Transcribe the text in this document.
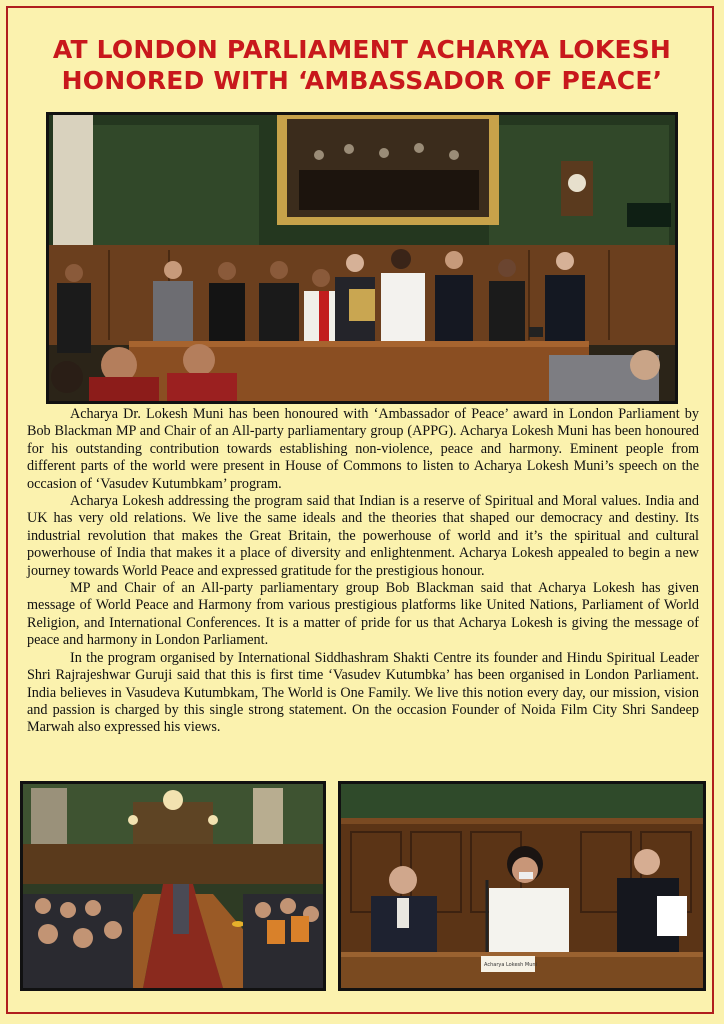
AT LONDON PARLIAMENT ACHARYA LOKESH
HONORED WITH ‘AMBASSADOR OF PEACE’

Acharya Dr. Lokesh Muni has been honoured with ‘Ambassador of Peace’ award in London Parliament by Bob Blackman MP and Chair of an All-party parliamentary group (APPG). Acharya Lokesh Muni has been honoured for his outstanding contribution towards establishing non-violence, peace and harmony. Eminent people from different parts of the world were present in House of Commons to listen to Acharya Lokesh Muni’s speech on the occasion of ‘Vasudev Kutumbkam’ program.

Acharya Lokesh addressing the program said that Indian is a reserve of Spiritual and Moral values. India and UK has very old relations. We live the same ideals and the theories that shaped our democracy and destiny. Its industrial revolution that makes the Great Britain, the powerhouse of world and it’s the spiritual and cultural powerhouse of India that makes it a place of diversity and enlightenment. Acharya Lokesh appealed to begin a new journey towards World Peace and expressed gratitude for the prestigious honour.

MP and Chair of an All-party parliamentary group Bob Blackman said that Acharya Lokesh has given message of World Peace and Harmony from various prestigious platforms like United Nations, Parliament of World Religion, and International Conferences. It is a matter of pride for us that Acharya Lokesh is giving the message of peace and harmony in London Parliament.

In the program organised by International Siddhashram Shakti Centre its founder and Hindu Spiritual Leader Shri Rajrajeshwar Guruji said that this is first time ‘Vasudev Kutumbka’ has been organised in London Parliament. India believes in Vasudeva Kutumbkam, The World is One Family. We live this notion every day, our mission, vision and passion is charged by this single strong statement. On the occasion Founder of Noida Film City Shri Sandeep Marwah also expressed his views.

Acharya Lokesh Muni
